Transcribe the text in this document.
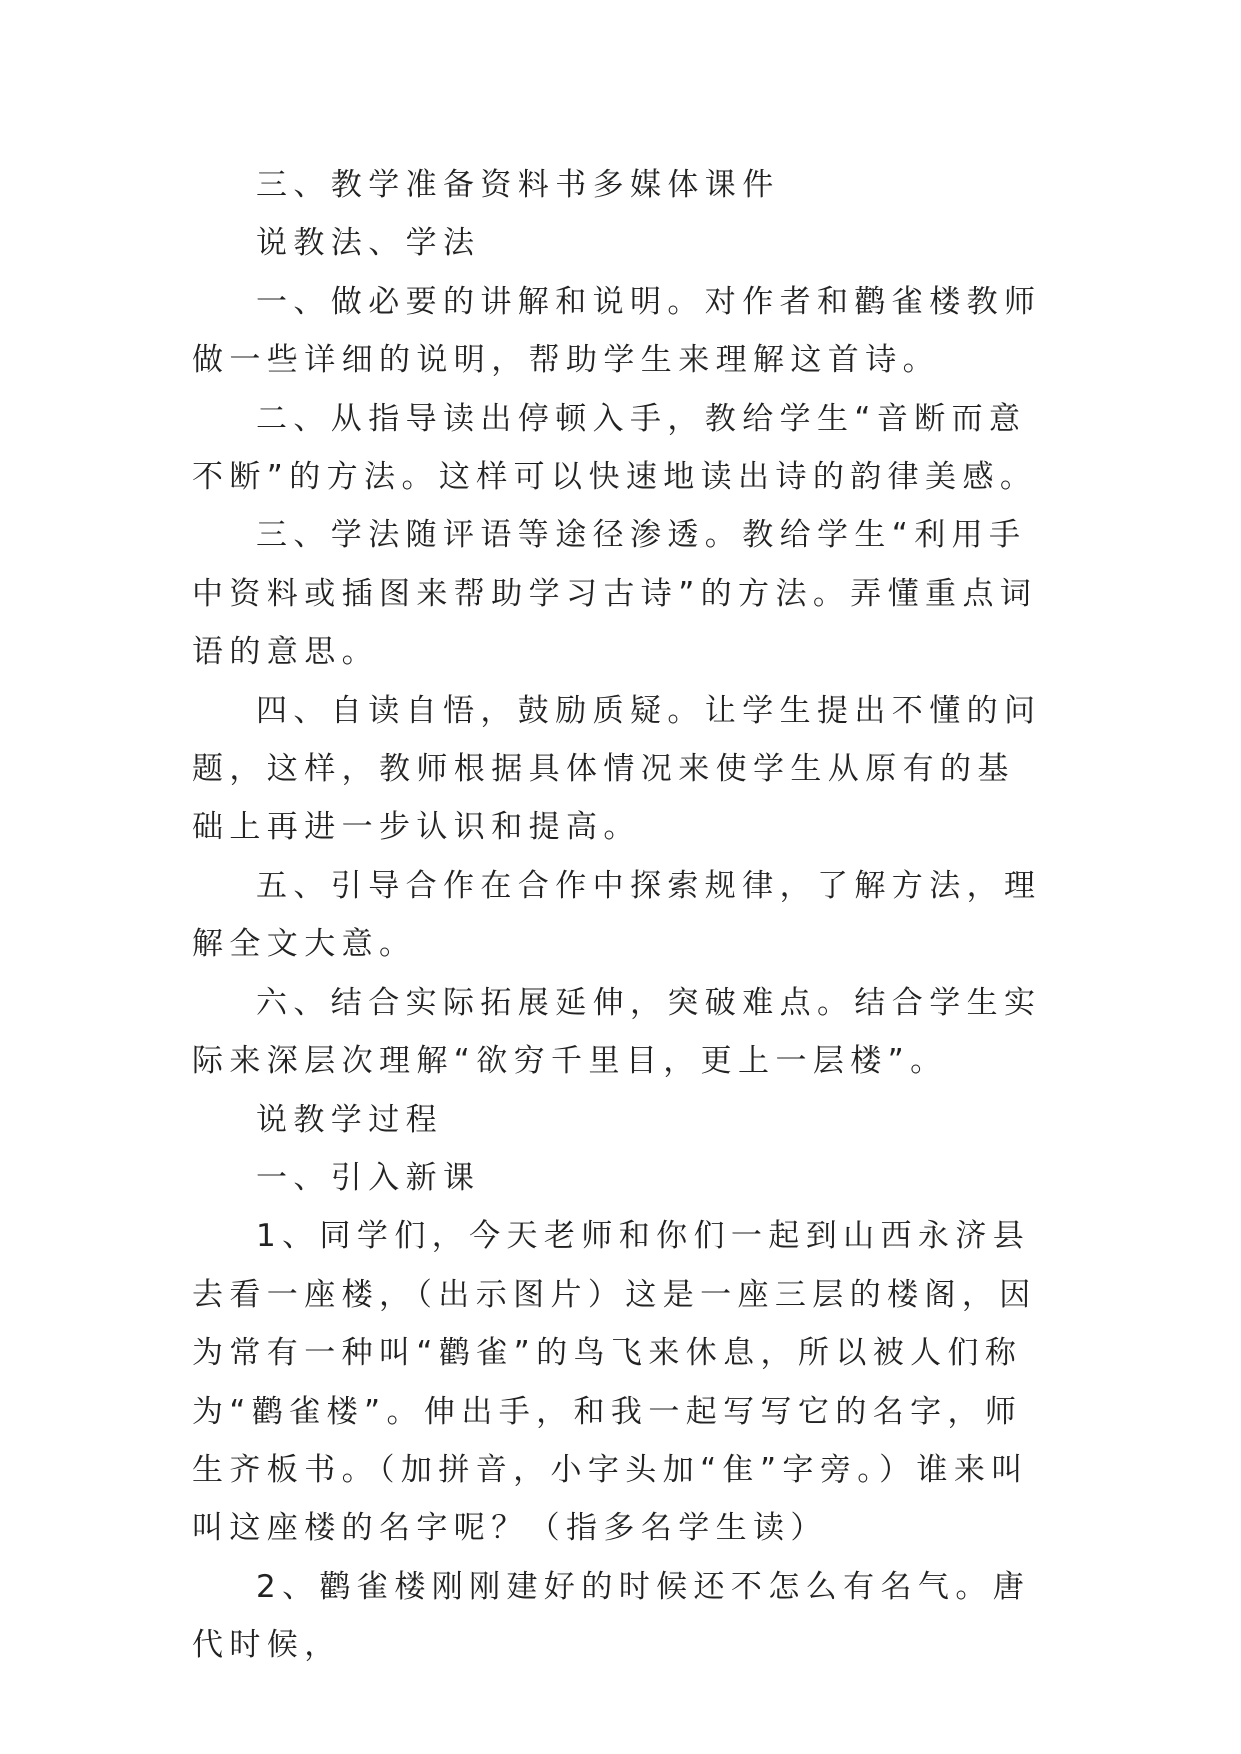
三、教学准备资料书多媒体课件

说教法、学法

一、做必要的讲解和说明。对作者和鹳雀楼教师做一些详细的说明，帮助学生来理解这首诗。

二、从指导读出停顿入手，教给学生“音断而意不断”的方法。这样可以快速地读出诗的韵律美感。

三、学法随评语等途径渗透。教给学生“利用手中资料或插图来帮助学习古诗”的方法。弄懂重点词语的意思。

四、自读自悟，鼓励质疑。让学生提出不懂的问题，这样，教师根据具体情况来使学生从原有的基础上再进一步认识和提高。

五、引导合作在合作中探索规律，了解方法，理解全文大意。

六、结合实际拓展延伸，突破难点。结合学生实际来深层次理解“欲穷千里目，更上一层楼”。

说教学过程

一、引入新课

1、同学们，今天老师和你们一起到山西永济县去看一座楼，（出示图片）这是一座三层的楼阁，因为常有一种叫“鹳雀”的鸟飞来休息，所以被人们称为“鹳雀楼”。伸出手，和我一起写写它的名字，师生齐板书。（加拼音，小字头加“隹”字旁。）谁来叫叫这座楼的名字呢？（指多名学生读）

2、鹳雀楼刚刚建好的时候还不怎么有名气。唐代时候，
